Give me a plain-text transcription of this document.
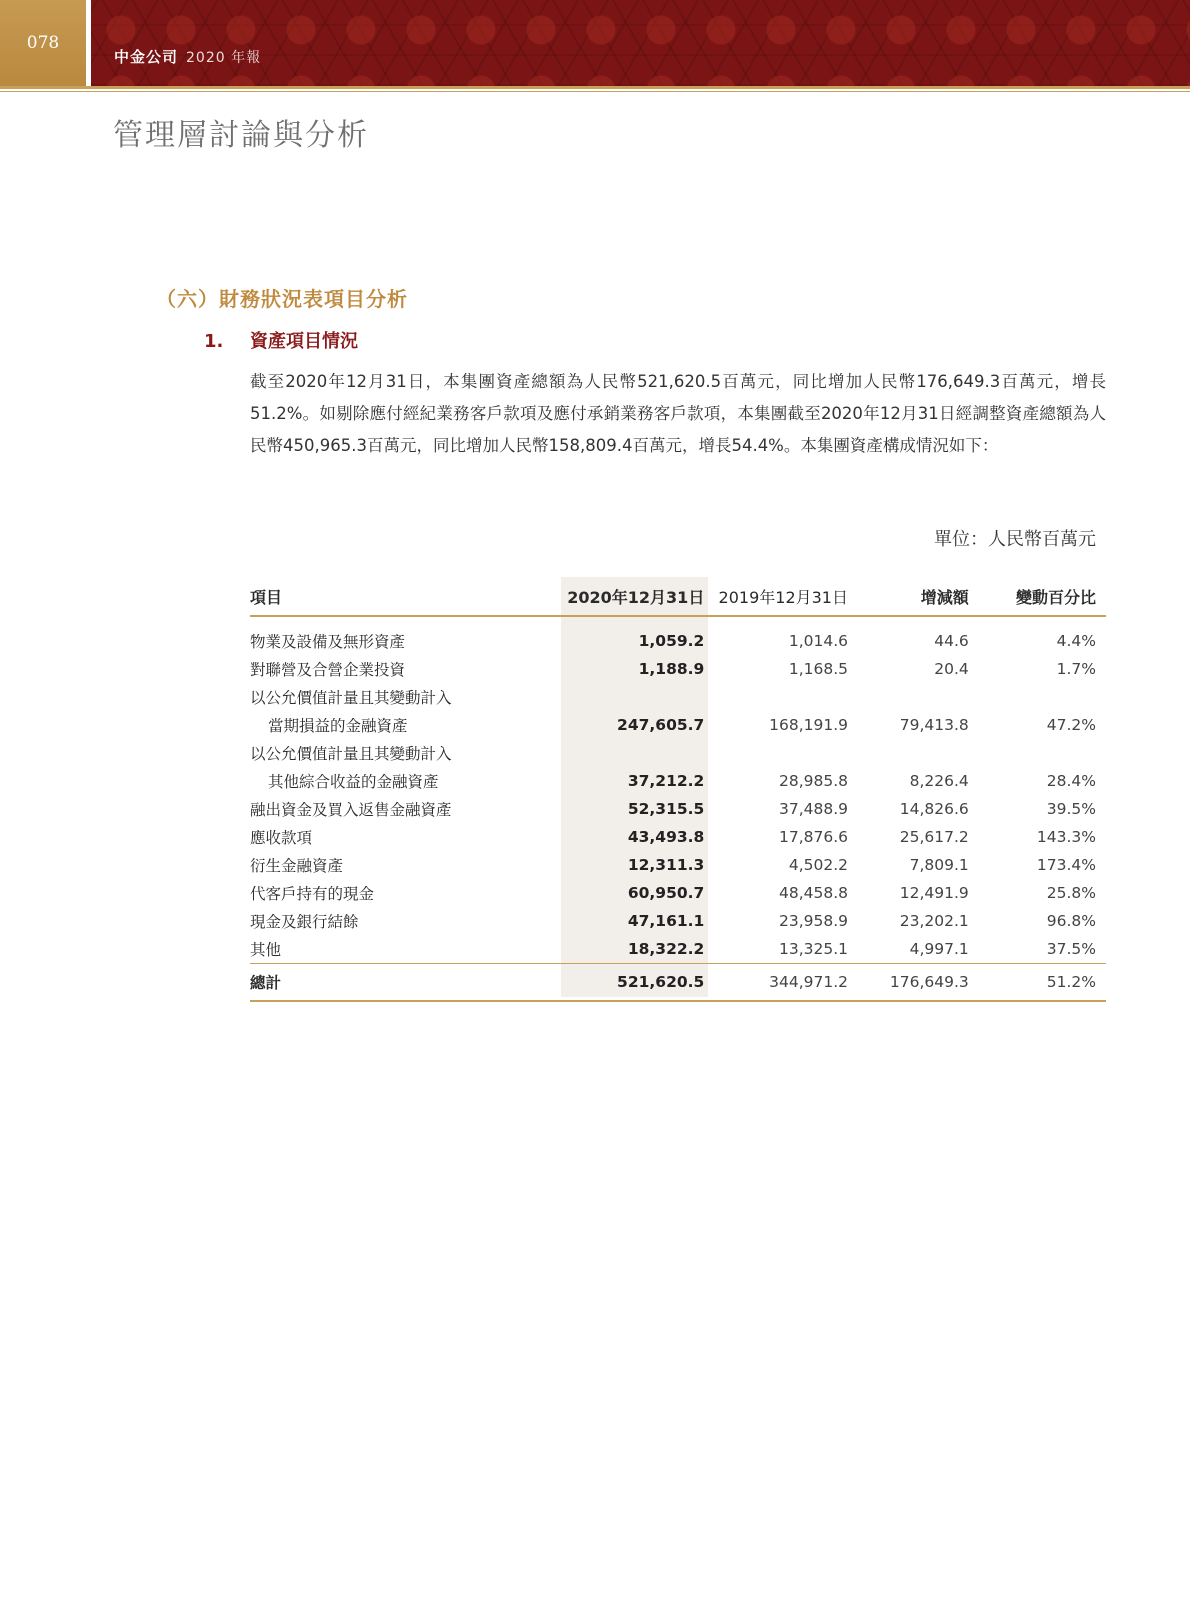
078
中金公司 2020 年報
管理層討論與分析
（六）財務狀況表項目分析
1. 資產項目情況
截至2020年12月31日，本集團資產總額為人民幣521,620.5百萬元，同比增加人民幣176,649.3百萬元，增長51.2%。如剔除應付經紀業務客戶款項及應付承銷業務客戶款項，本集團截至2020年12月31日經調整資產總額為人民幣450,965.3百萬元，同比增加人民幣158,809.4百萬元，增長54.4%。本集團資產構成情況如下：
單位：人民幣百萬元
項目	2020年12月31日	2019年12月31日	增減額	變動百分比
物業及設備及無形資產	1,059.2	1,014.6	44.6	4.4%
對聯營及合營企業投資	1,188.9	1,168.5	20.4	1.7%
以公允價值計量且其變動計入				
當期損益的金融資產	247,605.7	168,191.9	79,413.8	47.2%
以公允價值計量且其變動計入				
其他綜合收益的金融資產	37,212.2	28,985.8	8,226.4	28.4%
融出資金及買入返售金融資產	52,315.5	37,488.9	14,826.6	39.5%
應收款項	43,493.8	17,876.6	25,617.2	143.3%
衍生金融資產	12,311.3	4,502.2	7,809.1	173.4%
代客戶持有的現金	60,950.7	48,458.8	12,491.9	25.8%
現金及銀行結餘	47,161.1	23,958.9	23,202.1	96.8%
其他	18,322.2	13,325.1	4,997.1	37.5%
總計	521,620.5	344,971.2	176,649.3	51.2%
